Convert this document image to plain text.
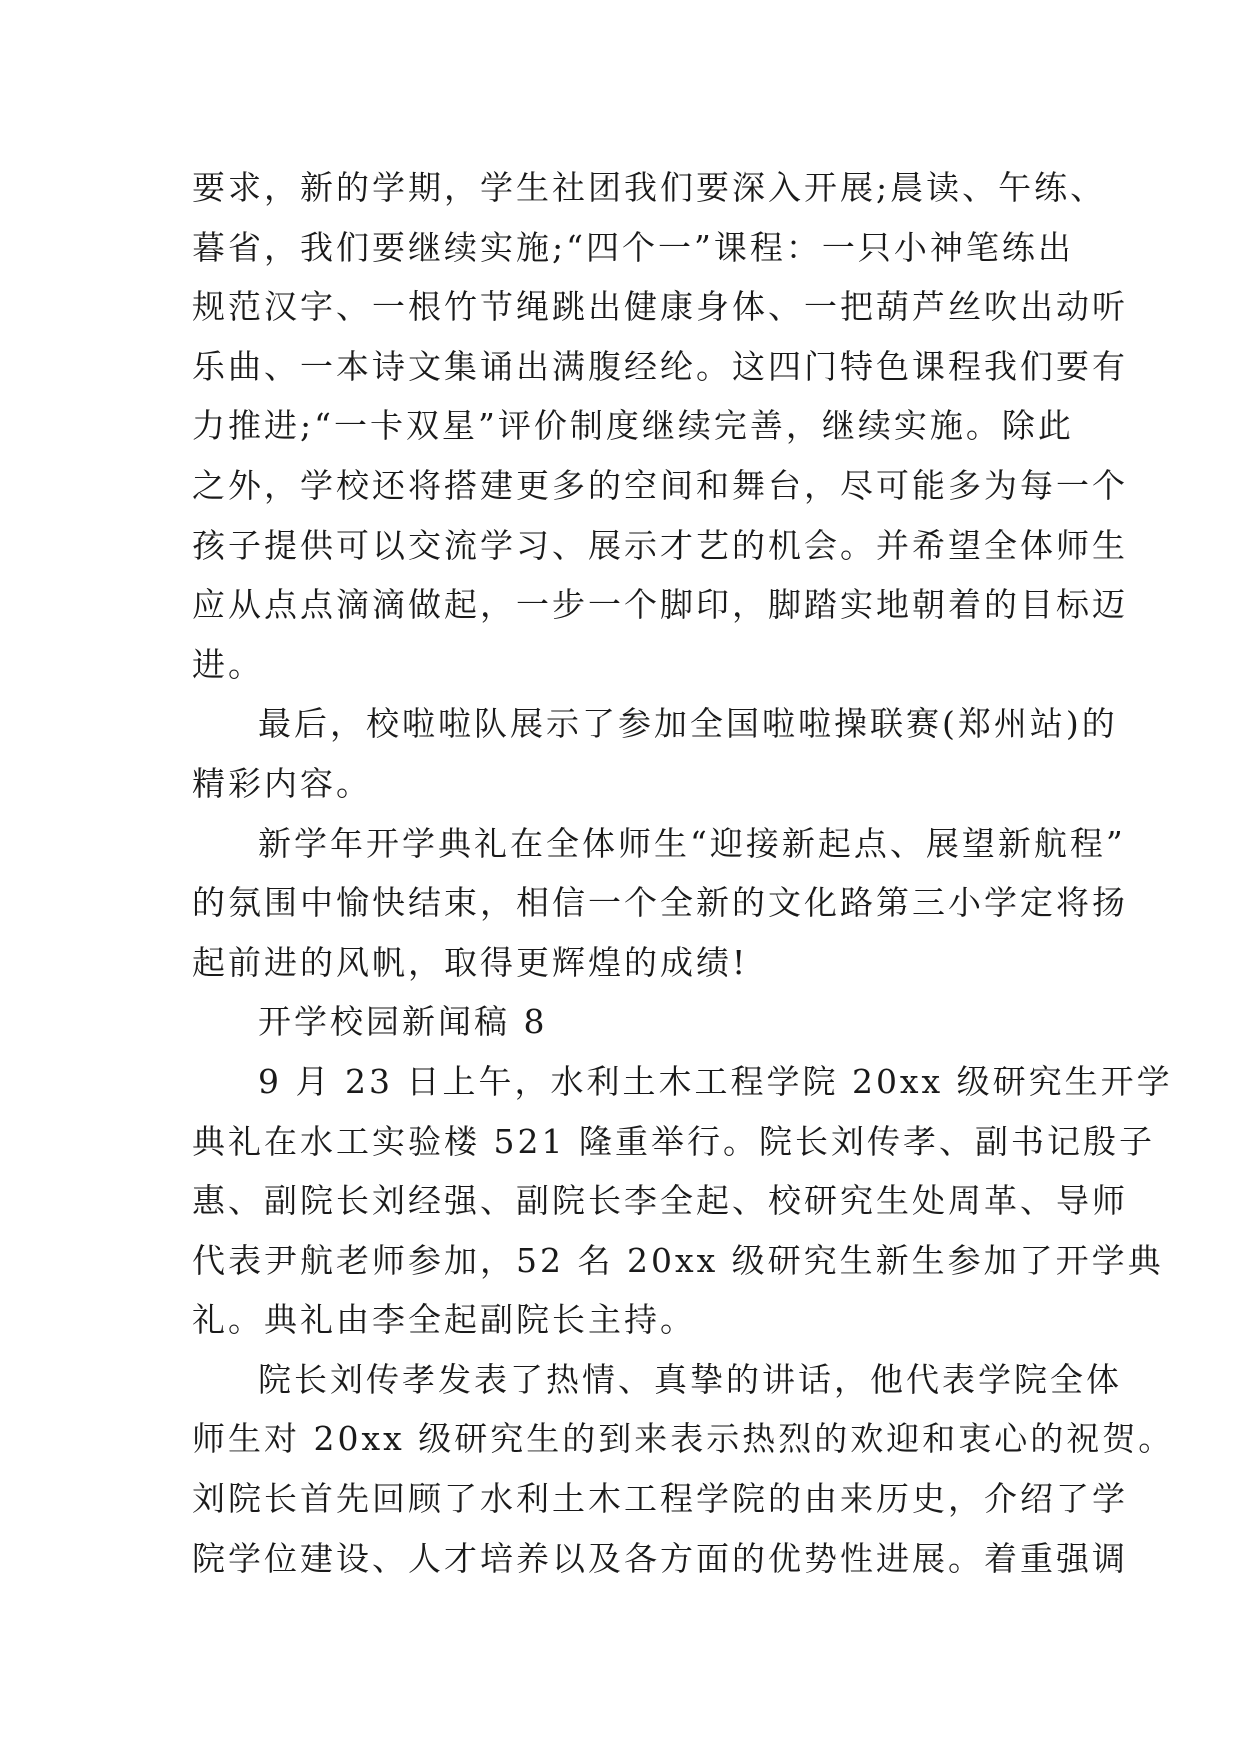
要求，新的学期，学生社团我们要深入开展;晨读、午练、
暮省，我们要继续实施;“四个一”课程：一只小神笔练出
规范汉字、一根竹节绳跳出健康身体、一把葫芦丝吹出动听
乐曲、一本诗文集诵出满腹经纶。这四门特色课程我们要有
力推进;“一卡双星”评价制度继续完善，继续实施。除此
之外，学校还将搭建更多的空间和舞台，尽可能多为每一个
孩子提供可以交流学习、展示才艺的机会。并希望全体师生
应从点点滴滴做起，一步一个脚印，脚踏实地朝着的目标迈
进。
最后，校啦啦队展示了参加全国啦啦操联赛(郑州站)的
精彩内容。
新学年开学典礼在全体师生“迎接新起点、展望新航程”
的氛围中愉快结束，相信一个全新的文化路第三小学定将扬
起前进的风帆，取得更辉煌的成绩!
开学校园新闻稿 8
9 月 23 日上午，水利土木工程学院 20xx 级研究生开学
典礼在水工实验楼 521 隆重举行。院长刘传孝、副书记殷子
惠、副院长刘经强、副院长李全起、校研究生处周革、导师
代表尹航老师参加，52 名 20xx 级研究生新生参加了开学典
礼。典礼由李全起副院长主持。
院长刘传孝发表了热情、真挚的讲话，他代表学院全体
师生对 20xx 级研究生的到来表示热烈的欢迎和衷心的祝贺。
刘院长首先回顾了水利土木工程学院的由来历史，介绍了学
院学位建设、人才培养以及各方面的优势性进展。着重强调
